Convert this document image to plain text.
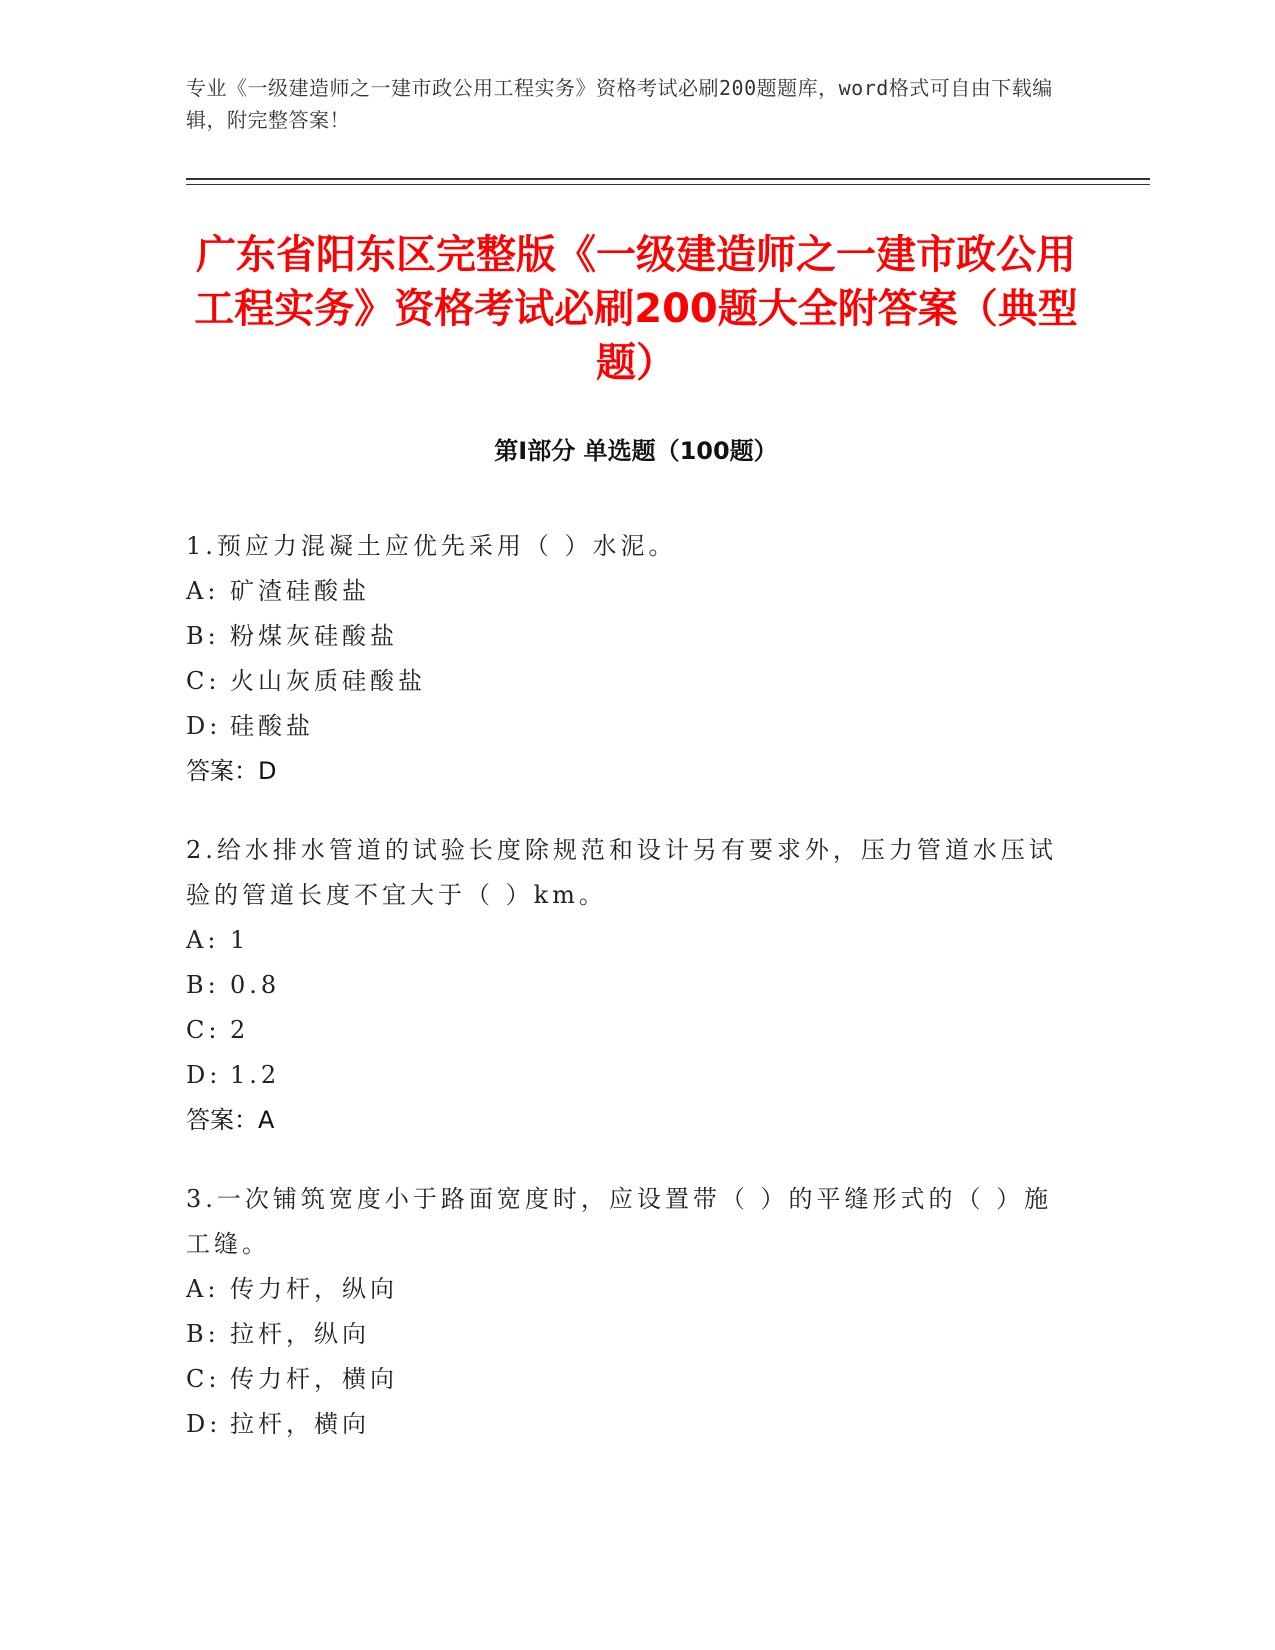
专业《一级建造师之一建市政公用工程实务》资格考试必刷200题题库，word格式可自由下载编辑，附完整答案！
广东省阳东区完整版《一级建造师之一建市政公用工程实务》资格考试必刷200题大全附答案（典型题）
第Ⅰ部分 单选题（100题）
1.预应力混凝土应优先采用（ ）水泥。
A: 矿渣硅酸盐
B: 粉煤灰硅酸盐
C: 火山灰质硅酸盐
D: 硅酸盐
答案：D
2.给水排水管道的试验长度除规范和设计另有要求外，压力管道水压试验的管道长度不宜大于（ ）km。
A: 1
B: 0.8
C: 2
D: 1.2
答案：A
3.一次铺筑宽度小于路面宽度时，应设置带（ ）的平缝形式的（ ）施工缝。
A: 传力杆，纵向
B: 拉杆，纵向
C: 传力杆，横向
D: 拉杆，横向
